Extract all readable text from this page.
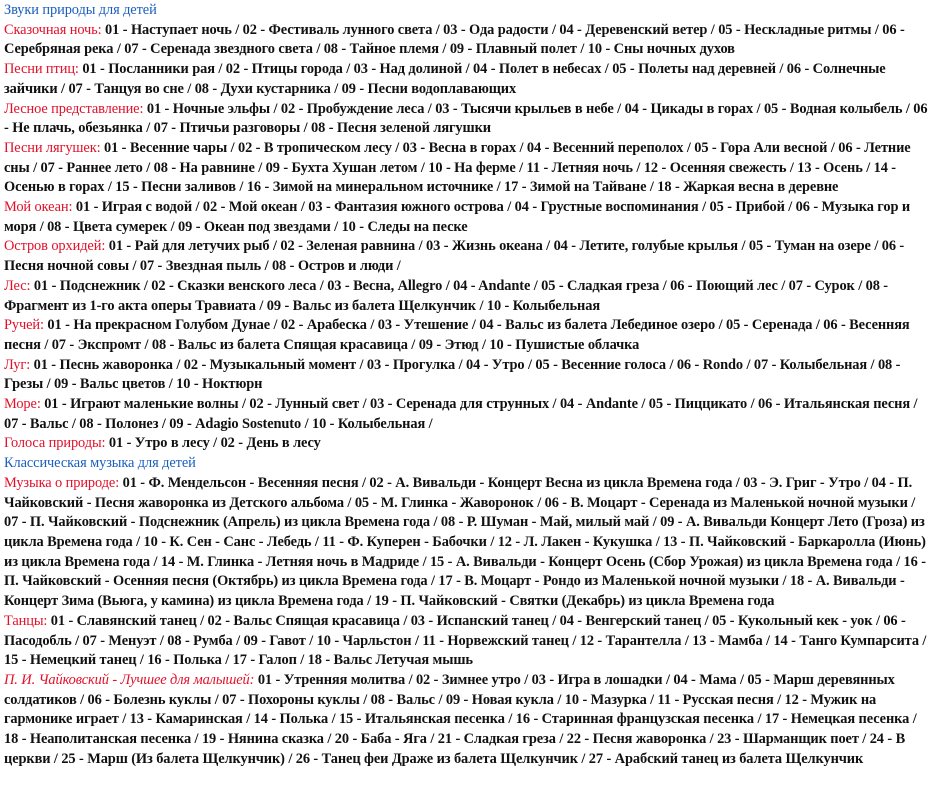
Звуки природы для детей

Сказочная ночь: 01 - Наступает ночь / 02 - Фестиваль лунного света / 03 - Ода радости / 04 - Деревенский ветер / 05 - Нескладные ритмы / 06 - Серебряная река / 07 - Серенада звездного света / 08 - Тайное племя / 09 - Плавный полет / 10 - Сны ночных духов

Песни птиц: 01 - Посланники рая / 02 - Птицы города / 03 - Над долиной / 04 - Полет в небесах / 05 - Полеты над деревней / 06 - Солнечные зайчики / 07 - Танцуя во сне / 08 - Духи кустарника / 09 - Песни водоплавающих

Лесное представление: 01 - Ночные эльфы / 02 - Пробуждение леса / 03 - Тысячи крыльев в небе / 04 - Цикады в горах / 05 - Водная колыбель / 06 - Не плачь, обезьянка / 07 - Птичьи разговоры / 08 - Песня зеленой лягушки

Песни лягушек: 01 - Весенние чары / 02 - В тропическом лесу / 03 - Весна в горах / 04 - Весенний переполох / 05 - Гора Али весной / 06 - Летние сны / 07 - Раннее лето / 08 - На равнине / 09 - Бухта Хушан летом / 10 - На ферме / 11 - Летняя ночь / 12 - Осенняя свежесть / 13 - Осень / 14 - Осенью в горах / 15 - Песни заливов / 16 - Зимой на минеральном источнике / 17 - Зимой на Тайване / 18 - Жаркая весна в деревне

Мой океан: 01 - Играя с водой / 02 - Мой океан / 03 - Фантазия южного острова / 04 - Грустные воспоминания / 05 - Прибой / 06 - Музыка гор и моря / 08 - Цвета сумерек / 09 - Океан под звездами / 10 - Следы на песке

Остров орхидей: 01 - Рай для летучих рыб / 02 - Зеленая равнина / 03 - Жизнь океана / 04 - Летите, голубые крылья / 05 - Туман на озере / 06 - Песня ночной совы / 07 - Звездная пыль / 08 - Остров и люди /

Лес: 01 - Подснежник / 02 - Сказки венского леса / 03 - Весна, Allegro / 04 - Andante / 05 - Сладкая греза / 06 - Поющий лес / 07 - Сурок / 08 - Фрагмент из 1-го акта оперы Травиата / 09 - Вальс из балета Щелкунчик / 10 - Колыбельная

Ручей: 01 - На прекрасном Голубом Дунае / 02 - Арабеска / 03 - Утешение / 04 - Вальс из балета Лебединое озеро / 05 - Серенада / 06 - Весенняя песня / 07 - Экспромт / 08 - Вальс из балета Спящая красавица / 09 - Этюд / 10 - Пушистые облачка

Луг: 01 - Песнь жаворонка / 02 - Музыкальный момент / 03 - Прогулка / 04 - Утро / 05 - Весенние голоса / 06 - Rondo / 07 - Колыбельная / 08 - Грезы / 09 - Вальс цветов / 10 - Ноктюрн

Море: 01 - Играют маленькие волны / 02 - Лунный свет / 03 - Серенада для струнных / 04 - Andante / 05 - Пиццикато / 06 - Итальянская песня / 07 - Вальс / 08 - Полонез / 09 - Adagio Sostenuto / 10 - Колыбельная /

Голоса природы: 01 - Утро в лесу / 02 - День в лесу

Классическая музыка для детей

Музыка о природе: 01 - Ф. Мендельсон - Весенняя песня / 02 - А. Вивальди - Концерт Весна из цикла Времена года / 03 - Э. Григ - Утро / 04 - П. Чайковский - Песня жаворонка из Детского альбома / 05 - М. Глинка - Жаворонок / 06 - В. Моцарт - Серенада из Маленькой ночной музыки / 07 - П. Чайковский - Подснежник (Апрель) из цикла Времена года / 08 - Р. Шуман - Май, милый май / 09 - А. Вивальди Концерт Лето (Гроза) из цикла Времена года / 10 - К. Сен - Санс - Лебедь / 11 - Ф. Куперен - Бабочки / 12 - Л. Лакен - Кукушка / 13 - П. Чайковский - Баркаролла (Июнь) из цикла Времена года / 14 - М. Глинка - Летняя ночь в Мадриде / 15 - А. Вивальди - Концерт Осень (Сбор Урожая) из цикла Времена года / 16 - П. Чайковский - Осенняя песня (Октябрь) из цикла Времена года / 17 - В. Моцарт - Рондо из Маленькой ночной музыки / 18 - А. Вивальди - Концерт Зима (Вьюга, у камина) из цикла Времена года / 19 - П. Чайковский - Святки (Декабрь) из цикла Времена года

Танцы: 01 - Славянский танец / 02 - Вальс Спящая красавица / 03 - Испанский танец / 04 - Венгерский танец / 05 - Кукольный кек - уок / 06 - Пасодобль / 07 - Менуэт / 08 - Румба / 09 - Гавот / 10 - Чарльстон / 11 - Норвежский танец / 12 - Тарантелла / 13 - Мамба / 14 - Танго Кумпарсита / 15 - Немецкий танец / 16 - Полька / 17 - Галоп / 18 - Вальс Летучая мышь

П. И. Чайковский - Лучшее для малышей: 01 - Утренняя молитва / 02 - Зимнее утро / 03 - Игра в лошадки / 04 - Мама / 05 - Марш деревянных солдатиков / 06 - Болезнь куклы / 07 - Похороны куклы / 08 - Вальс / 09 - Новая кукла / 10 - Мазурка / 11 - Русская песня / 12 - Мужик на гармонике играет / 13 - Камаринская / 14 - Полька / 15 - Итальянская песенка / 16 - Старинная французская песенка / 17 - Немецкая песенка / 18 - Неаполитанская песенка / 19 - Нянина сказка / 20 - Баба - Яга / 21 - Сладкая греза / 22 - Песня жаворонка / 23 - Шарманщик поет / 24 - В церкви / 25 - Марш (Из балета Щелкунчик) / 26 - Танец феи Драже из балета Щелкунчик / 27 - Арабский танец из балета Щелкунчик
